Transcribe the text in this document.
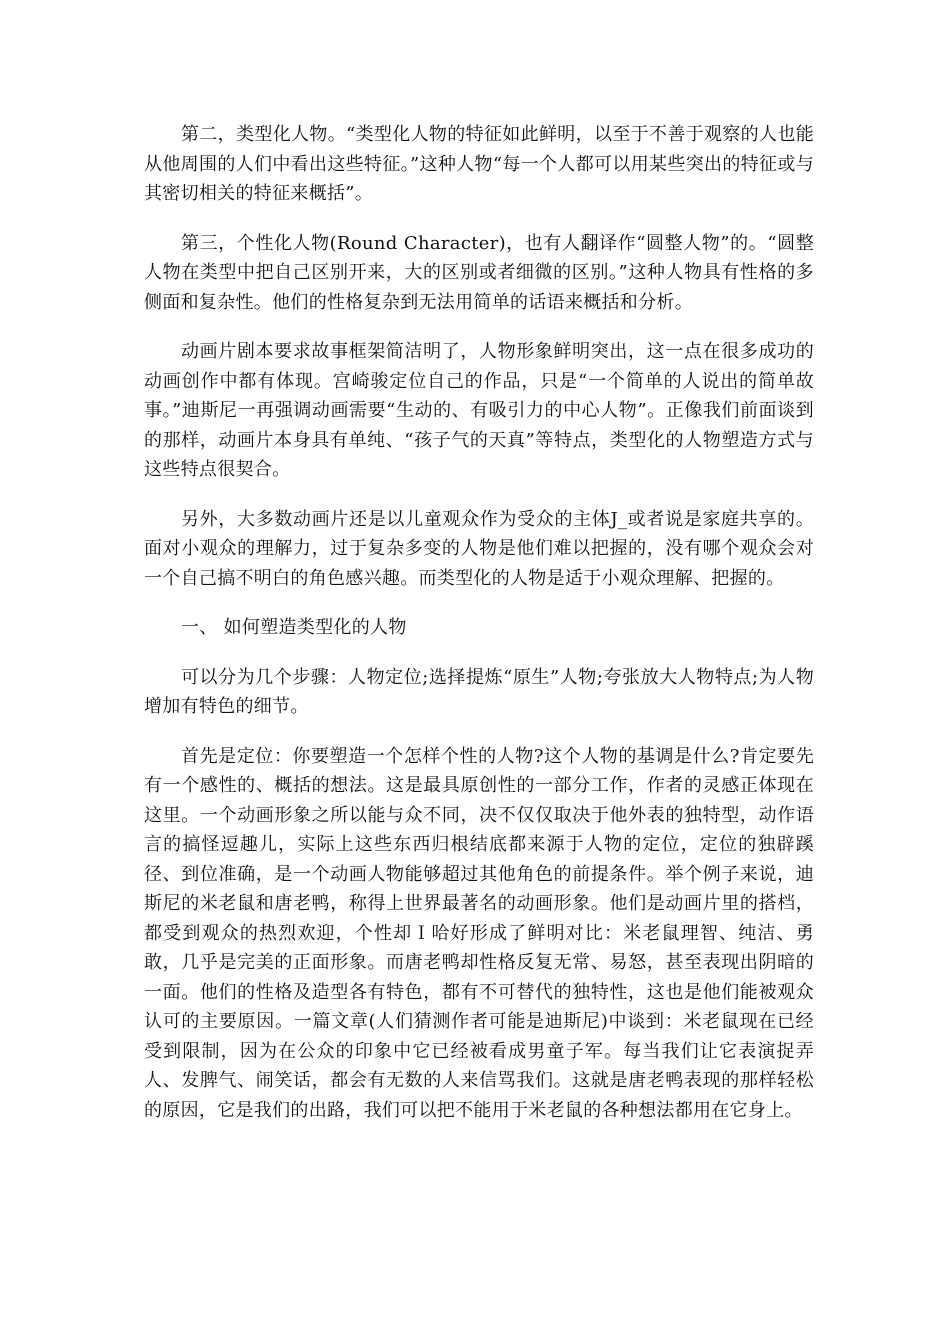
第二，类型化人物。“类型化人物的特征如此鲜明，以至于不善于观察的人也能从他周围的人们中看出这些特征。”这种人物“每一个人都可以用某些突出的特征或与其密切相关的特征来概括”。

第三，个性化人物(Round Character)，也有人翻译作“圆整人物”的。“圆整人物在类型中把自己区别开来，大的区别或者细微的区别。”这种人物具有性格的多侧面和复杂性。他们的性格复杂到无法用简单的话语来概括和分析。

动画片剧本要求故事框架简洁明了，人物形象鲜明突出，这一点在很多成功的动画创作中都有体现。宫崎骏定位自己的作品，只是“一个简单的人说出的简单故事。”迪斯尼一再强调动画需要“生动的、有吸引力的中心人物”。正像我们前面谈到的那样，动画片本身具有单纯、“孩子气的天真”等特点，类型化的人物塑造方式与这些特点很契合。

另外，大多数动画片还是以儿童观众作为受众的主体J_或者说是家庭共享的。面对小观众的理解力，过于复杂多变的人物是他们难以把握的，没有哪个观众会对一个自己搞不明白的角色感兴趣。而类型化的人物是适于小观众理解、把握的。

一、 如何塑造类型化的人物

可以分为几个步骤：人物定位;选择提炼“原生”人物;夸张放大人物特点;为人物增加有特色的细节。

首先是定位：你要塑造一个怎样个性的人物?这个人物的基调是什么?肯定要先有一个感性的、概括的想法。这是最具原创性的一部分工作，作者的灵感正体现在这里。一个动画形象之所以能与众不同，决不仅仅取决于他外表的独特型，动作语言的搞怪逗趣儿，实际上这些东西归根结底都来源于人物的定位，定位的独辟蹊径、到位准确，是一个动画人物能够超过其他角色的前提条件。举个例子来说，迪斯尼的米老鼠和唐老鸭，称得上世界最著名的动画形象。他们是动画片里的搭档，都受到观众的热烈欢迎，个性却Ｉ哈好形成了鲜明对比：米老鼠理智、纯洁、勇敢，几乎是完美的正面形象。而唐老鸭却性格反复无常、易怒，甚至表现出阴暗的一面。他们的性格及造型各有特色，都有不可替代的独特性，这也是他们能被观众认可的主要原因。一篇文章(人们猜测作者可能是迪斯尼)中谈到：米老鼠现在已经受到限制，因为在公众的印象中它已经被看成男童子军。每当我们让它表演捉弄人、发脾气、闹笑话，都会有无数的人来信骂我们。这就是唐老鸭表现的那样轻松的原因，它是我们的出路，我们可以把不能用于米老鼠的各种想法都用在它身上。
